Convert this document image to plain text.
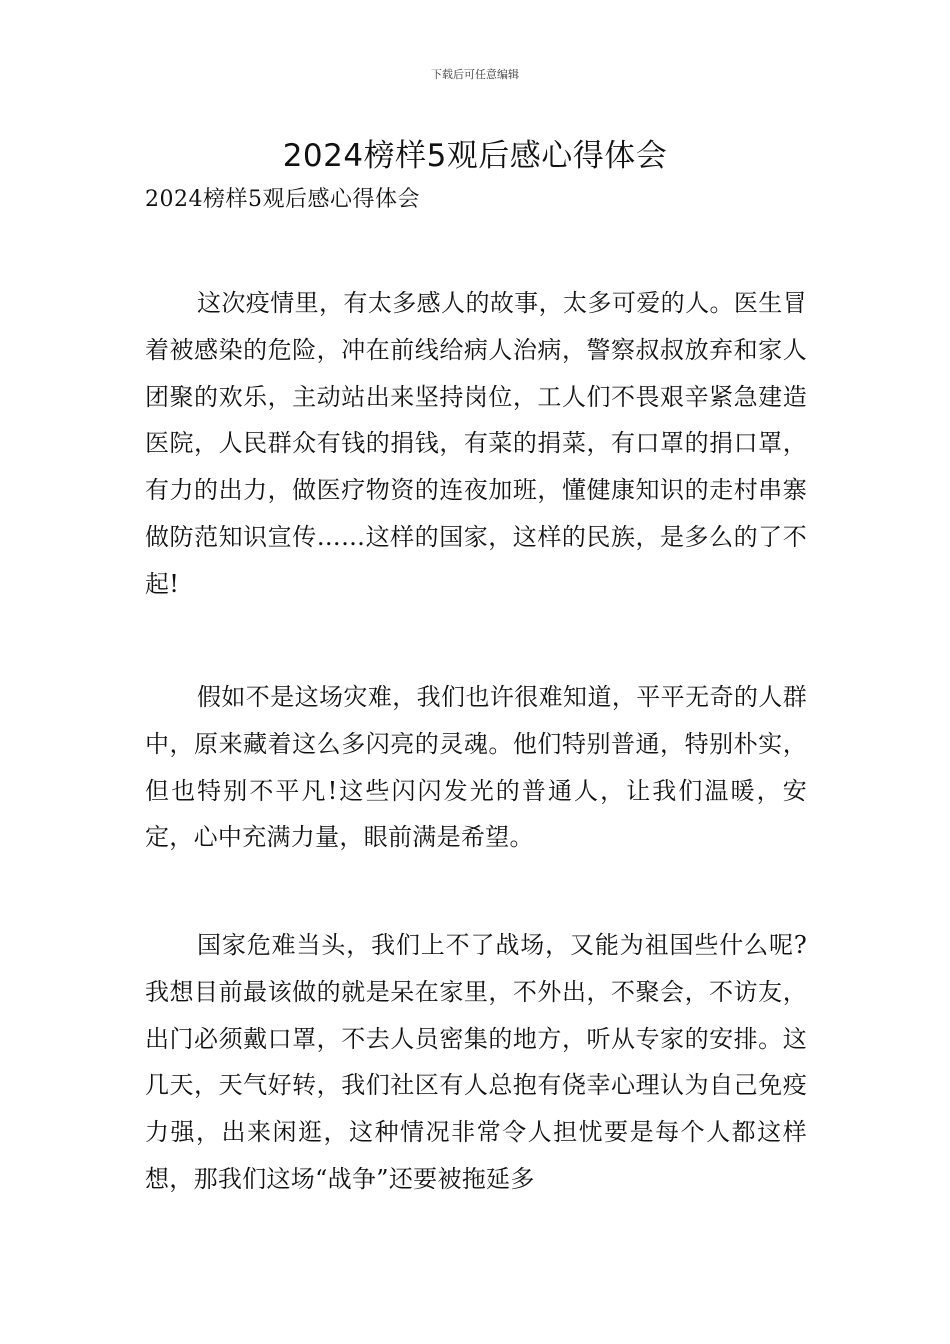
下载后可任意编辑
2024榜样5观后感心得体会
2024榜样5观后感心得体会

这次疫情里，有太多感人的故事，太多可爱的人。医生冒着被感染的危险，冲在前线给病人治病，警察叔叔放弃和家人团聚的欢乐，主动站出来坚持岗位，工人们不畏艰辛紧急建造医院，人民群众有钱的捐钱，有菜的捐菜，有口罩的捐口罩，有力的出力，做医疗物资的连夜加班，懂健康知识的走村串寨做防范知识宣传……这样的国家，这样的民族，是多么的了不起!

假如不是这场灾难，我们也许很难知道，平平无奇的人群中，原来藏着这么多闪亮的灵魂。他们特别普通，特别朴实，但也特别不平凡!这些闪闪发光的普通人，让我们温暖，安定，心中充满力量，眼前满是希望。

国家危难当头，我们上不了战场，又能为祖国些什么呢?我想目前最该做的就是呆在家里，不外出，不聚会，不访友，出门必须戴口罩，不去人员密集的地方，听从专家的安排。这几天，天气好转，我们社区有人总抱有侥幸心理认为自己免疫力强，出来闲逛，这种情况非常令人担忧要是每个人都这样想，那我们这场“战争”还要被拖延多
